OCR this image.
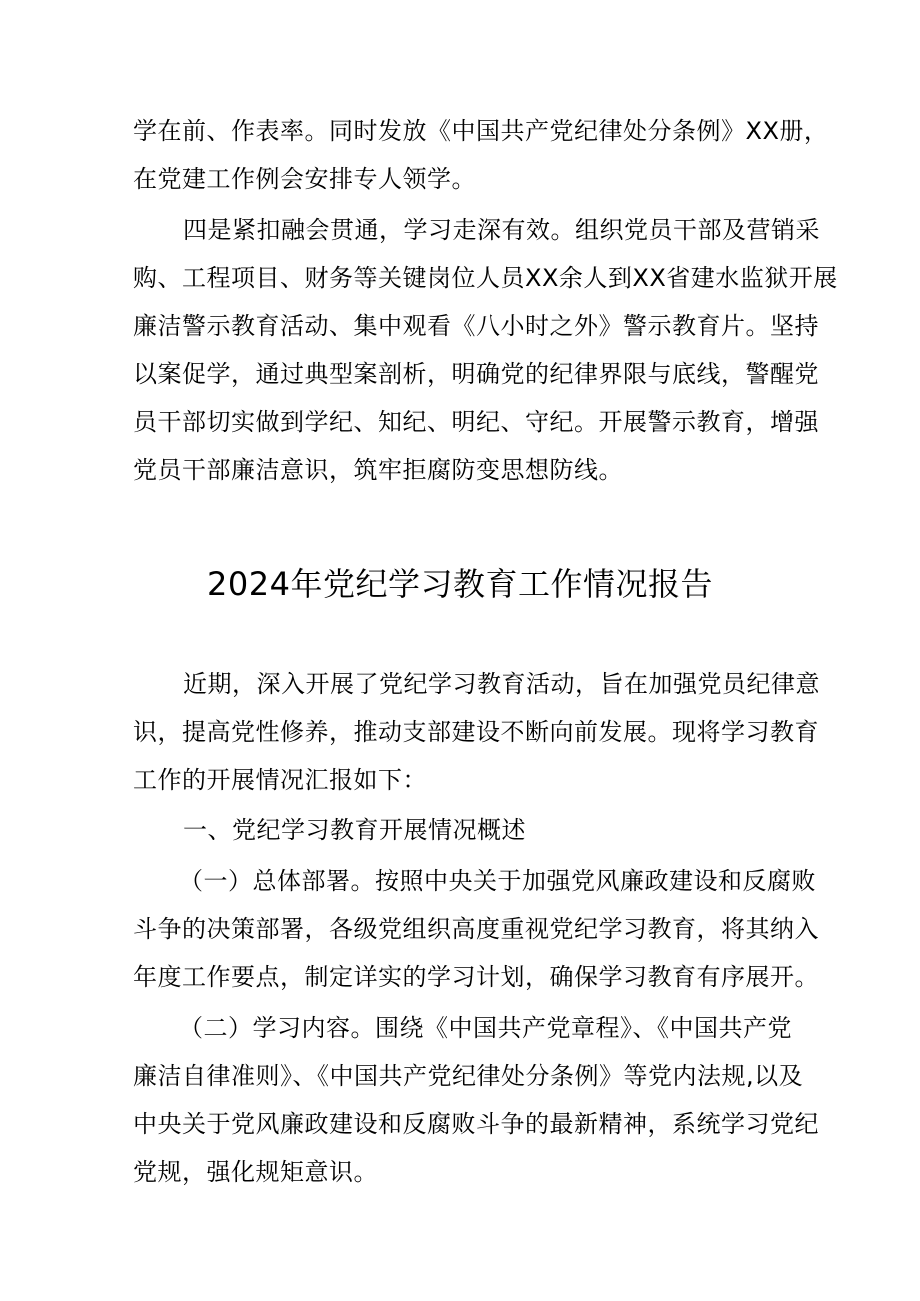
学在前、作表率。同时发放《中国共产党纪律处分条例》XX册，
在党建工作例会安排专人领学。
四是紧扣融会贯通，学习走深有效。组织党员干部及营销采
购、工程项目、财务等关键岗位人员XX余人到XX省建水监狱开展
廉洁警示教育活动、集中观看《八小时之外》警示教育片。坚持
以案促学，通过典型案剖析，明确党的纪律界限与底线，警醒党
员干部切实做到学纪、知纪、明纪、守纪。开展警示教育，增强
党员干部廉洁意识，筑牢拒腐防变思想防线。
2024年党纪学习教育工作情况报告
近期，深入开展了党纪学习教育活动，旨在加强党员纪律意
识，提高党性修养，推动支部建设不断向前发展。现将学习教育
工作的开展情况汇报如下：
一、党纪学习教育开展情况概述
（一）总体部署。按照中央关于加强党风廉政建设和反腐败
斗争的决策部署，各级党组织高度重视党纪学习教育，将其纳入
年度工作要点，制定详实的学习计划，确保学习教育有序展开。
（二）学习内容。围绕《中国共产党章程》、《中国共产党
廉洁自律准则》、《中国共产党纪律处分条例》等党内法规,以及
中央关于党风廉政建设和反腐败斗争的最新精神，系统学习党纪
党规，强化规矩意识。
